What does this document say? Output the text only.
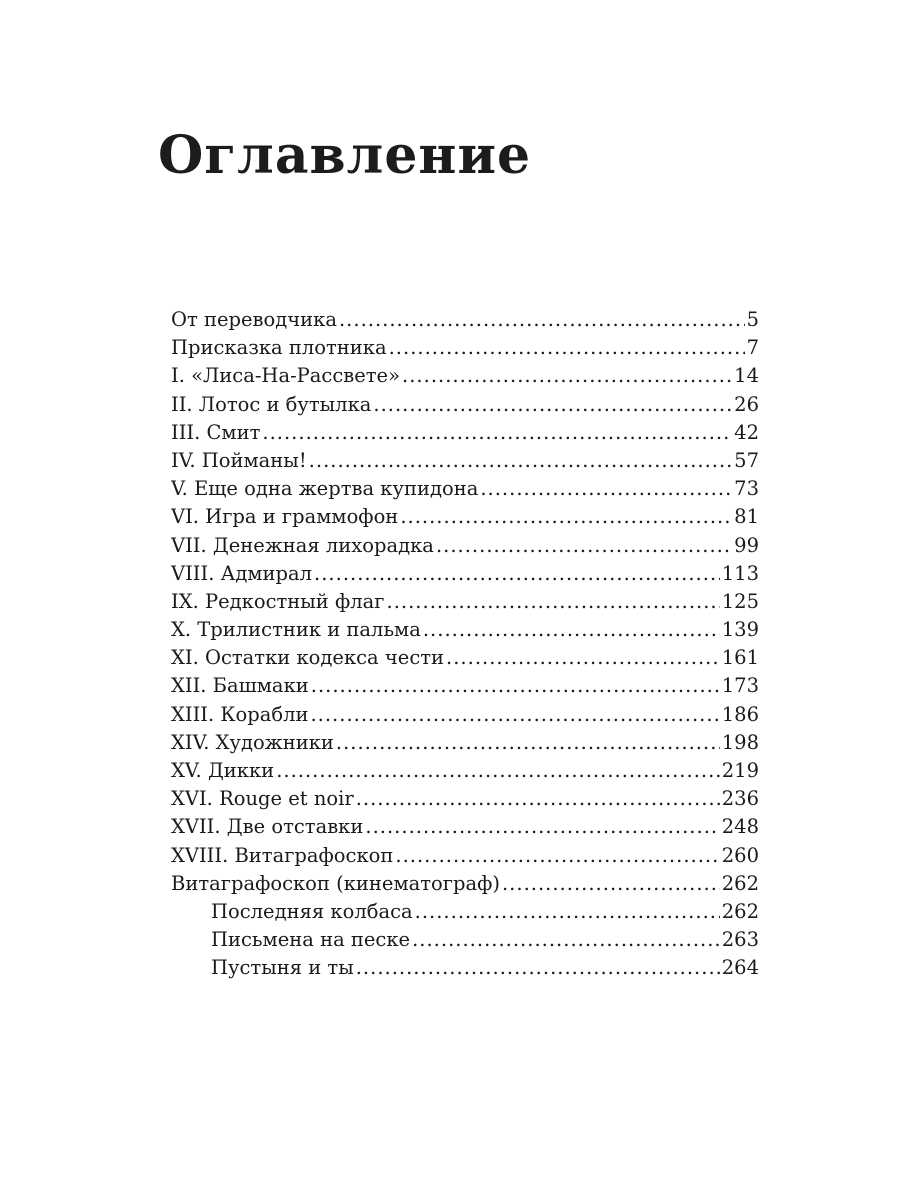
Оглавление
От переводчика .....	5
Присказка плотника .....	7
I. «Лиса-На-Рассвете» .....	14
II. Лотос и бутылка .....	26
III. Смит .....	42
IV. Пойманы! .....	57
V. Еще одна жертва купидона .....	73
VI. Игра и граммофон .....	81
VII. Денежная лихорадка .....	99
VIII. Адмирал .....	113
IX. Редкостный флаг .....	125
X. Трилистник и пальма .....	139
XI. Остатки кодекса чести .....	161
XII. Башмаки .....	173
XIII. Корабли .....	186
XIV. Художники .....	198
XV. Дикки .....	219
XVI. Rouge et noir .....	236
XVII. Две отставки .....	248
XVIII. Витаграфоскоп .....	260
Витаграфоскоп (кинематограф) .....	262
Последняя колбаса .....	262
Письмена на песке .....	263
Пустыня и ты .....	264
